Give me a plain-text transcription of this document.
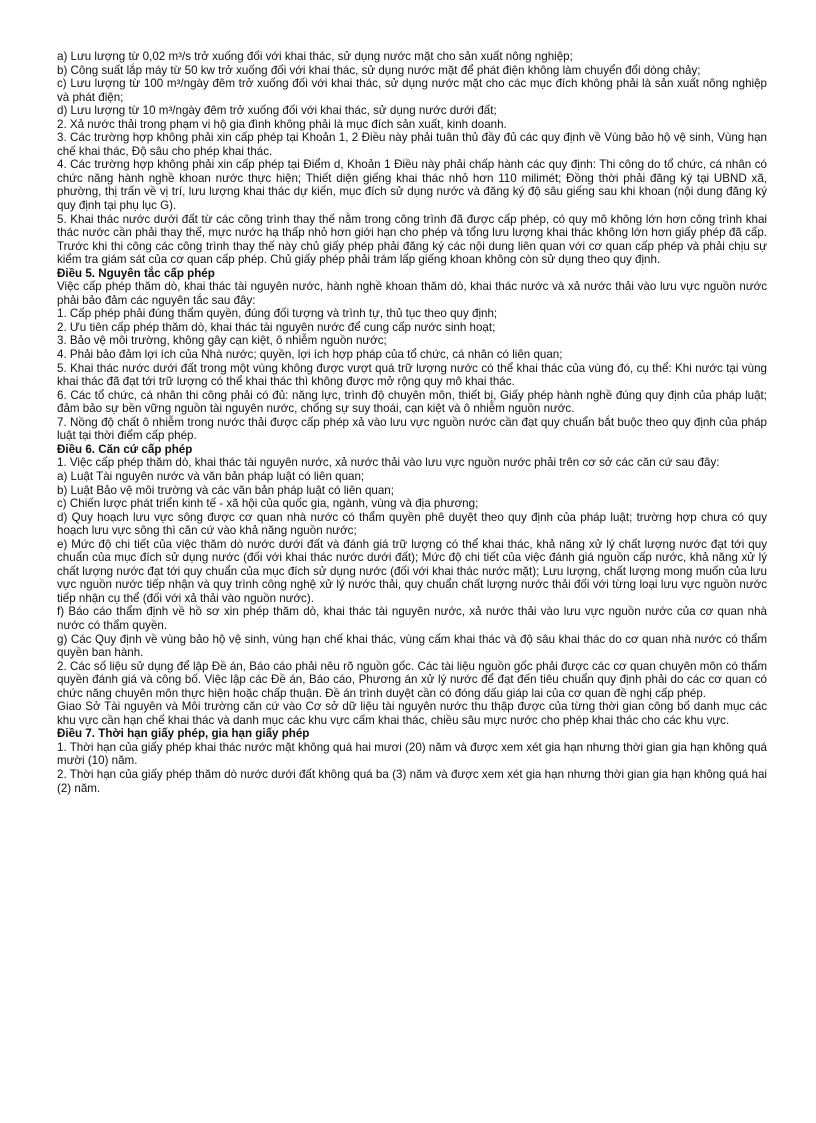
a) Lưu lượng từ 0,02 m³/s trở xuống đối với khai thác, sử dụng nước mặt cho sản xuất nông nghiệp;

b) Công suất lắp máy từ 50 kw trở xuống đối với khai thác, sử dụng nước mặt để phát điện không làm chuyển đổi dòng chảy;

c) Lưu lượng từ 100 m³/ngày đêm trở xuống đối với khai thác, sử dụng nước mặt cho các mục đích không phải là sản xuất nông nghiệp và phát điện;

d) Lưu lượng từ 10 m³/ngày đêm trở xuống đối với khai thác, sử dụng nước dưới đất;

2. Xả nước thải trong phạm vi hộ gia đình không phải là mục đích sản xuất, kinh doanh.

3. Các trường hợp không phải xin cấp phép tại Khoản 1, 2 Điều này phải tuân thủ đầy đủ các quy định về Vùng bảo hộ vệ sinh, Vùng hạn chế khai thác, Độ sâu cho phép khai thác.

4. Các trường hợp không phải xin cấp phép tại Điểm d, Khoản 1 Điều này phải chấp hành các quy định: Thi công do tổ chức, cá nhân có chức năng hành nghề khoan nước thực hiện; Thiết diện giếng khai thác nhỏ hơn 110 milimét; Đồng thời phải đăng ký tại UBND xã, phường, thị trấn về vị trí, lưu lượng khai thác dự kiến, mục đích sử dụng nước và đăng ký độ sâu giếng sau khi khoan (nội dung đăng ký quy định tại phụ lục G).

5. Khai thác nước dưới đất từ các công trình thay thế nằm trong công trình đã được cấp phép, có quy mô không lớn hơn công trình khai thác nước cần phải thay thế, mực nước hạ thấp nhỏ hơn giới hạn cho phép và tổng lưu lượng khai thác không lớn hơn giấy phép đã cấp. Trước khi thi công các công trình thay thế này chủ giấy phép phải đăng ký các nội dung liên quan với cơ quan cấp phép và phải chịu sự kiểm tra giám sát của cơ quan cấp phép. Chủ giấy phép phải trám lấp giếng khoan không còn sử dụng theo quy định.

Điều 5. Nguyên tắc cấp phép

Việc cấp phép thăm dò, khai thác tài nguyên nước, hành nghề khoan thăm dò, khai thác nước và xả nước thải vào lưu vực nguồn nước phải bảo đảm các nguyên tắc sau đây:

1. Cấp phép phải đúng thẩm quyền, đúng đối tượng và trình tự, thủ tục theo quy định;

2. Ưu tiên cấp phép thăm dò, khai thác tài nguyên nước để cung cấp nước sinh hoạt;

3. Bảo vệ môi trường, không gây cạn kiệt, ô nhiễm nguồn nước;

4. Phải bảo đảm lợi ích của Nhà nước; quyền, lợi ích hợp pháp của tổ chức, cá nhân có liên quan;

5. Khai thác nước dưới đất trong một vùng không được vượt quá trữ lượng nước có thể khai thác của vùng đó, cụ thể: Khi nước tại vùng khai thác đã đạt tới trữ lượng có thể khai thác thì không được mở rộng quy mô khai thác.

6. Các tổ chức, cá nhân thi công phải có đủ: năng lực, trình độ chuyên môn, thiết bị, Giấy phép hành nghề đúng quy định của pháp luật; đảm bảo sự bền vững nguồn tài nguyên nước, chống sự suy thoái, cạn kiệt và ô nhiễm nguồn nước.

7. Nồng độ chất ô nhiễm trong nước thải được cấp phép xả vào lưu vực nguồn nước cần đạt quy chuẩn bắt buộc theo quy định của pháp luật tại thời điểm cấp phép.

Điều 6. Căn cứ cấp phép

1. Việc cấp phép thăm dò, khai thác tài nguyên nước, xả nước thải vào lưu vực nguồn nước phải trên cơ sở các căn cứ sau đây:

a) Luật Tài nguyên nước và văn bản pháp luật có liên quan;

b) Luật Bảo vệ môi trường và các văn bản pháp luật có liên quan;

c) Chiến lược phát triển kinh tế - xã hội của quốc gia, ngành, vùng và địa phương;

d) Quy hoạch lưu vực sông được cơ quan nhà nước có thẩm quyền phê duyệt theo quy định của pháp luật; trường hợp chưa có quy hoạch lưu vực sông thì căn cứ vào khả năng nguồn nước;

e) Mức độ chi tiết của việc thăm dò nước dưới đất và đánh giá trữ lượng có thể khai thác, khả năng xử lý chất lượng nước đạt tới quy chuẩn của mục đích sử dụng nước (đối với khai thác nước dưới đất); Mức độ chi tiết của việc đánh giá nguồn cấp nước, khả năng xử lý chất lượng nước đạt tới quy chuẩn của mục đích sử dụng nước (đối với khai thác nước mặt); Lưu lượng, chất lượng mong muốn của lưu vực nguồn nước tiếp nhận và quy trình công nghệ xử lý nước thải, quy chuẩn chất lượng nước thải đối với từng loại lưu vực nguồn nước tiếp nhận cụ thể (đối với xả thải vào nguồn nước).

f) Báo cáo thẩm định về hồ sơ xin phép thăm dò, khai thác tài nguyên nước, xả nước thải vào lưu vực nguồn nước của cơ quan nhà nước có thẩm quyền.

g) Các Quy định về vùng bảo hộ vệ sinh, vùng hạn chế khai thác, vùng cấm khai thác và độ sâu khai thác do cơ quan nhà nước có thẩm quyền ban hành.

2. Các số liệu sử dụng để lập Đề án, Báo cáo phải nêu rõ nguồn gốc. Các tài liệu nguồn gốc phải được các cơ quan chuyên môn có thẩm quyền đánh giá và công bố. Việc lập các Đề án, Báo cáo, Phương án xử lý nước để đạt đến tiêu chuẩn quy định phải do các cơ quan có chức năng chuyên môn thực hiện hoặc chấp thuận. Đề án trình duyệt cần có đóng dấu giáp lai của cơ quan đề nghị cấp phép.

Giao Sở Tài nguyên và Môi trường căn cứ vào Cơ sở dữ liệu tài nguyên nước thu thập được của từng thời gian công bố danh mục các khu vực cần hạn chế khai thác và danh mục các khu vực cấm khai thác, chiều sâu mực nước cho phép khai thác cho các khu vực.

Điều 7. Thời hạn giấy phép, gia hạn giấy phép

1. Thời hạn của giấy phép khai thác nước mặt không quá hai mươi (20) năm và được xem xét gia hạn nhưng thời gian gia hạn không quá mười (10) năm.

2. Thời hạn của giấy phép thăm dò nước dưới đất không quá ba (3) năm và được xem xét gia hạn nhưng thời gian gia hạn không quá hai (2) năm.
